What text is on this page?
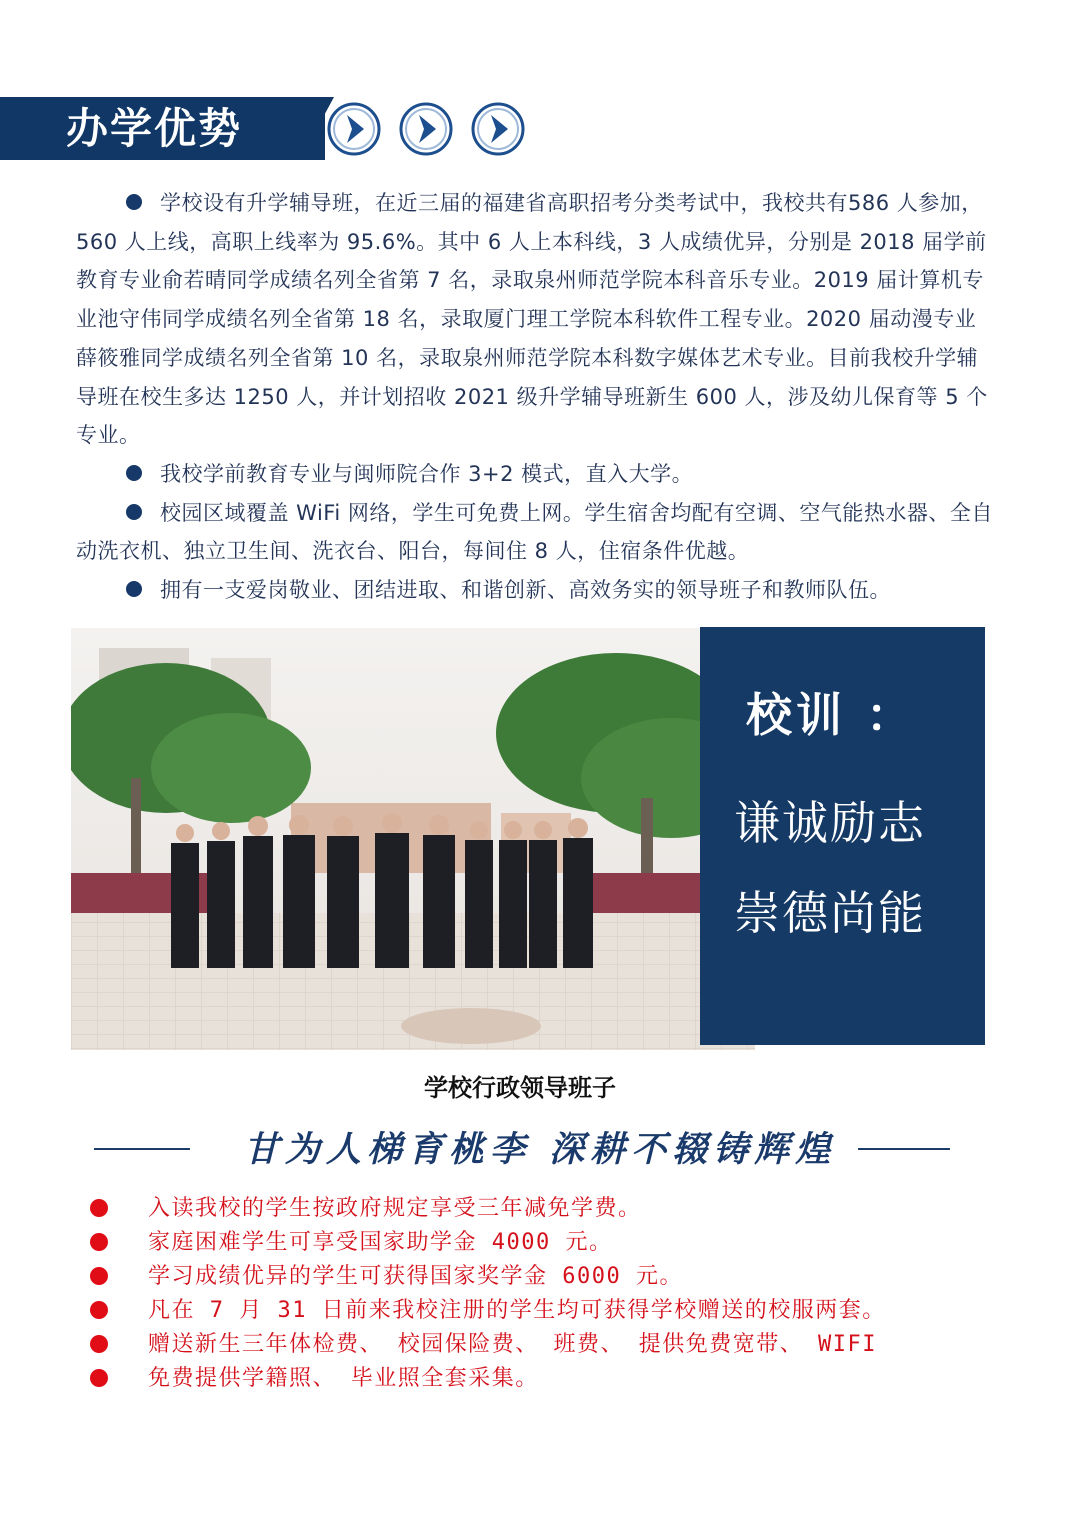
办学优势

学校设有升学辅导班，在近三届的福建省高职招考分类考试中，我校共有586 人参加，560 人上线，高职上线率为 95.6%。其中 6 人上本科线，3 人成绩优异，分别是 2018 届学前教育专业俞若晴同学成绩名列全省第 7 名，录取泉州师范学院本科音乐专业。2019 届计算机专业池守伟同学成绩名列全省第 18 名，录取厦门理工学院本科软件工程专业。2020 届动漫专业薛筱雅同学成绩名列全省第 10 名，录取泉州师范学院本科数字媒体艺术专业。目前我校升学辅导班在校生多达 1250 人，并计划招收 2021 级升学辅导班新生 600 人，涉及幼儿保育等 5 个专业。

我校学前教育专业与闽师院合作 3+2 模式，直入大学。

校园区域覆盖 WiFi 网络，学生可免费上网。学生宿舍均配有空调、空气能热水器、全自动洗衣机、独立卫生间、洗衣台、阳台，每间住 8 人，住宿条件优越。

拥有一支爱岗敬业、团结进取、和谐创新、高效务实的领导班子和教师队伍。

校训 ：
谦诚励志
崇德尚能
学校行政领导班子
甘为人梯育桃李 深耕不辍铸辉煌
入读我校的学生按政府规定享受三年减免学费。
家庭困难学生可享受国家助学金 4000 元。
学习成绩优异的学生可获得国家奖学金 6000 元。
凡在 7 月 31 日前来我校注册的学生均可获得学校赠送的校服两套。
赠送新生三年体检费、 校园保险费、 班费、 提供免费宽带、 WIFI
免费提供学籍照、 毕业照全套采集。
